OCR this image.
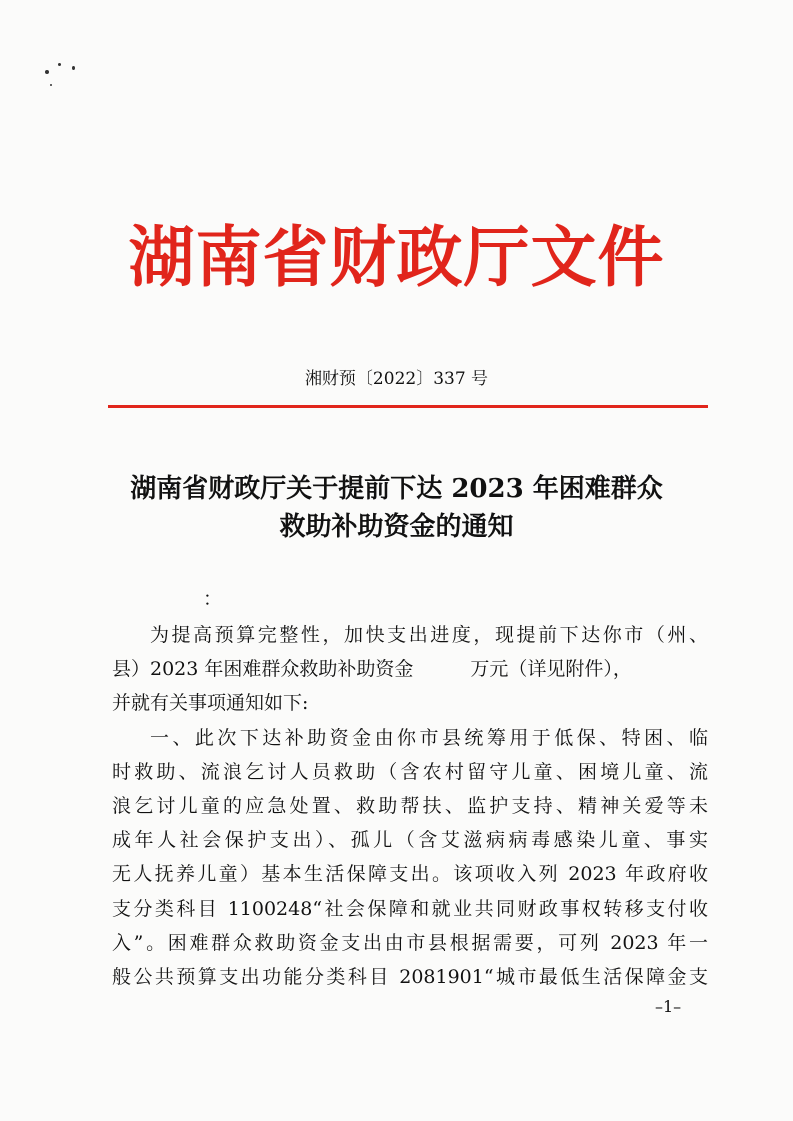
湖南省财政厅文件
湘财预〔2022〕337 号
湖南省财政厅关于提前下达 2023 年困难群众
救助补助资金的通知
：
为提高预算完整性，加快支出进度，现提前下达你市（州、
县）2023 年困难群众救助补助资金　　　万元（详见附件），
并就有关事项通知如下:
一、此次下达补助资金由你市县统筹用于低保、特困、临
时救助、流浪乞讨人员救助（含农村留守儿童、困境儿童、流
浪乞讨儿童的应急处置、救助帮扶、监护支持、精神关爱等未
成年人社会保护支出）、孤儿（含艾滋病病毒感染儿童、事实
无人抚养儿童）基本生活保障支出。该项收入列 2023 年政府收
支分类科目 1100248“社会保障和就业共同财政事权转移支付收
入”。困难群众救助资金支出由市县根据需要，可列 2023 年一
般公共预算支出功能分类科目 2081901“城市最低生活保障金支
–1–
